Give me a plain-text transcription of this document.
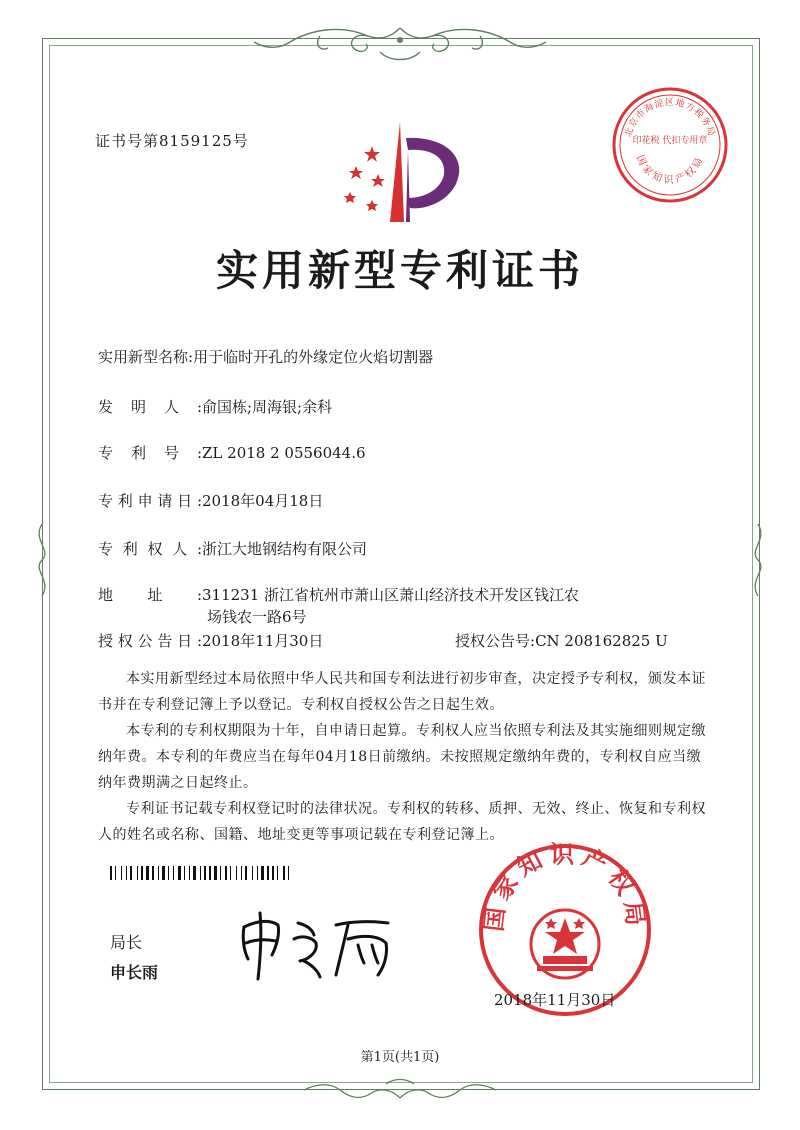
证书号第8159125号
北京市海淀区地方税务局
国家知识产权局
印花税 代扣专用章
实用新型专利证书
实用新型名称:用于临时开孔的外缘定位火焰切割器
发明人:俞国栋;周海银;余科
专利号:ZL 2018 2 0556044.6
专利申请日:2018年04月18日
专利权人:浙江大地钢结构有限公司
地址:311231 浙江省杭州市萧山区萧山经济技术开发区钱江农
场钱农一路6号
授权公告日:2018年11月30日	授权公告号:CN 208162825 U
本实用新型经过本局依照中华人民共和国专利法进行初步审查，决定授予专利权，颁发本证书并在专利登记簿上予以登记。专利权自授权公告之日起生效。
本专利的专利权期限为十年，自申请日起算。专利权人应当依照专利法及其实施细则规定缴纳年费。本专利的年费应当在每年04月18日前缴纳。未按照规定缴纳年费的，专利权自应当缴纳年费期满之日起终止。
专利证书记载专利权登记时的法律状况。专利权的转移、质押、无效、终止、恢复和专利权人的姓名或名称、国籍、地址变更等事项记载在专利登记簿上。
局长
申长雨
国家知识产权局
2018年11月30日
第1页(共1页)
